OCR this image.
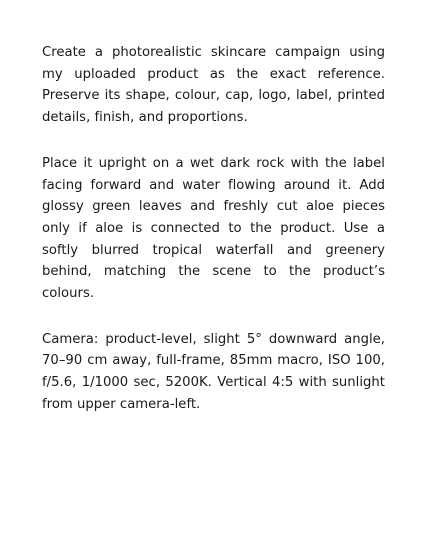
Create a photorealistic skincare campaign using my uploaded product as the exact reference. Preserve its shape, colour, cap, logo, label, printed details, finish, and proportions.

Place it upright on a wet dark rock with the label facing forward and water flowing around it. Add glossy green leaves and freshly cut aloe pieces only if aloe is connected to the product. Use a softly blurred tropical waterfall and greenery behind, matching the scene to the product’s colours.

Camera: product-level, slight 5° downward angle, 70–90 cm away, full-frame, 85mm macro, ISO 100, f/5.6, 1/1000 sec, 5200K. Vertical 4:5 with sunlight from upper camera-left.
